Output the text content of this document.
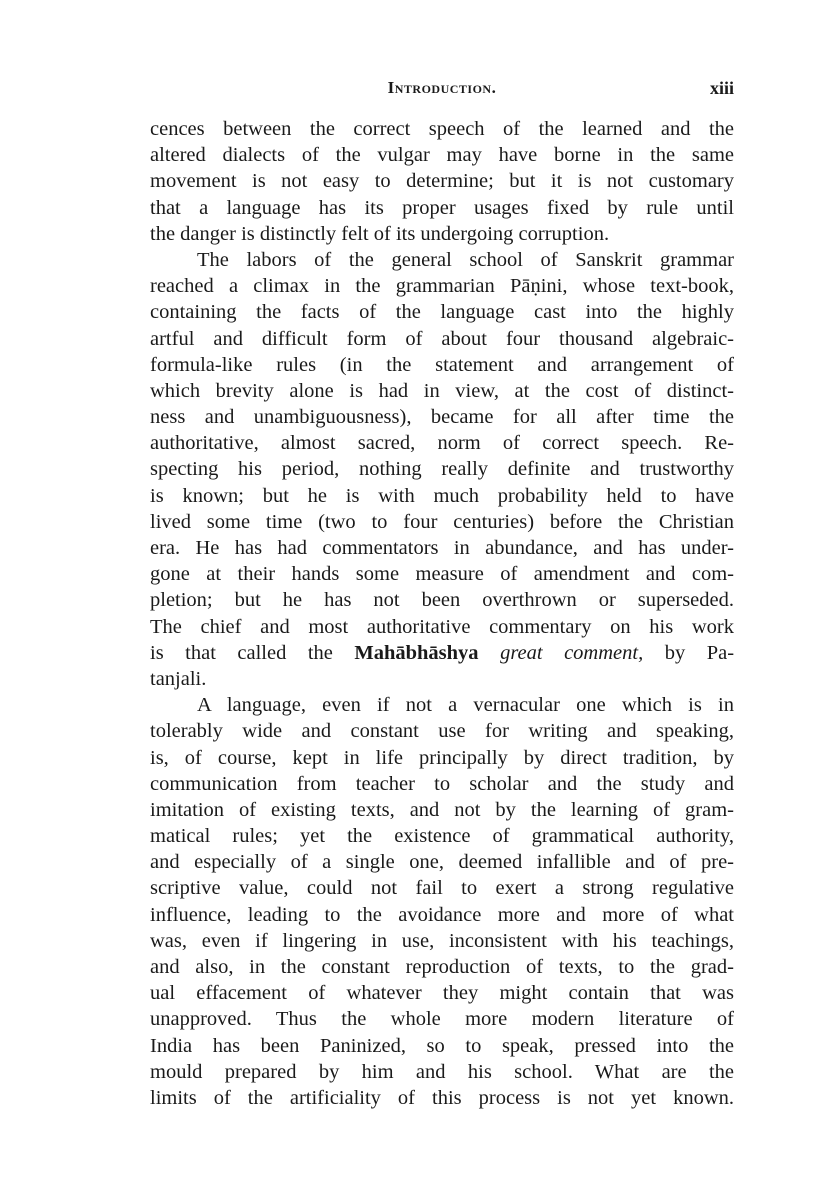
Introduction.	xiii
cences between the correct speech of the learned and the
altered dialects of the vulgar may have borne in the same
movement is not easy to determine; but it is not customary
that a language has its proper usages fixed by rule until
the danger is distinctly felt of its undergoing corruption.
The labors of the general school of Sanskrit grammar
reached a climax in the grammarian Pāṇini, whose text-book,
containing the facts of the language cast into the highly
artful and difficult form of about four thousand algebraic-
formula-like rules (in the statement and arrangement of
which brevity alone is had in view, at the cost of distinct-
ness and unambiguousness), became for all after time the
authoritative, almost sacred, norm of correct speech. Re-
specting his period, nothing really definite and trustworthy
is known; but he is with much probability held to have
lived some time (two to four centuries) before the Christian
era. He has had commentators in abundance, and has under-
gone at their hands some measure of amendment and com-
pletion; but he has not been overthrown or superseded.
The chief and most authoritative commentary on his work
is that called the Mahābhāshya great comment, by Pa-
tanjali.
A language, even if not a vernacular one which is in
tolerably wide and constant use for writing and speaking,
is, of course, kept in life principally by direct tradition, by
communication from teacher to scholar and the study and
imitation of existing texts, and not by the learning of gram-
matical rules; yet the existence of grammatical authority,
and especially of a single one, deemed infallible and of pre-
scriptive value, could not fail to exert a strong regulative
influence, leading to the avoidance more and more of what
was, even if lingering in use, inconsistent with his teachings,
and also, in the constant reproduction of texts, to the grad-
ual effacement of whatever they might contain that was
unapproved. Thus the whole more modern literature of
India has been Paninized, so to speak, pressed into the
mould prepared by him and his school. What are the
limits of the artificiality of this process is not yet known.
